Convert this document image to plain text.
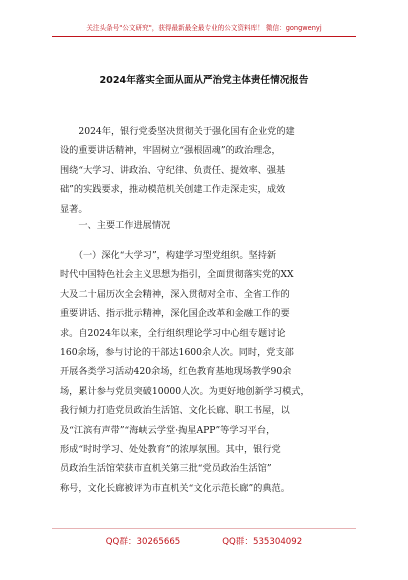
关注头条号"公文研究"，获得最新最全最专业的公文资料库！ 微信：gongwenyj
2024年落实全面从面从严治党主体责任情况报告

　　2024年，银行党委坚决贯彻关于强化国有企业党的建

设的重要讲话精神，牢固树立“强根固魂”的政治理念，

围绕“大学习、讲政治、守纪律、负责任、提效率、强基

础”的实践要求，推动模范机关创建工作走深走实，成效

显著。

　　一、主要工作进展情况

　　（一）深化“大学习”，构建学习型党组织。坚持新

时代中国特色社会主义思想为指引，全面贯彻落实党的XX

大及二十届历次全会精神，深入贯彻对全市、全省工作的

重要讲话、指示批示精神，深化国企改革和金融工作的要

求。自2024年以来，全行组织理论学习中心组专题讨论

160余场，参与讨论的干部达1600余人次。同时，党支部

开展各类学习活动420余场，红色教育基地现场教学90余

场，累计参与党员突破10000人次。为更好地创新学习模式，

我行倾力打造党员政治生活馆、文化长廊、职工书屋，以

及“江滨有声带”“海峡云学堂·掏星APP”等学习平台，

形成“时时学习、处处教育”的浓厚氛围。其中，银行党

员政治生活馆荣获市直机关第三批“党员政治生活馆”

称号，文化长廊被评为市直机关“文化示范长廊”的典范。

QQ群：30265665	QQ群：535304092
